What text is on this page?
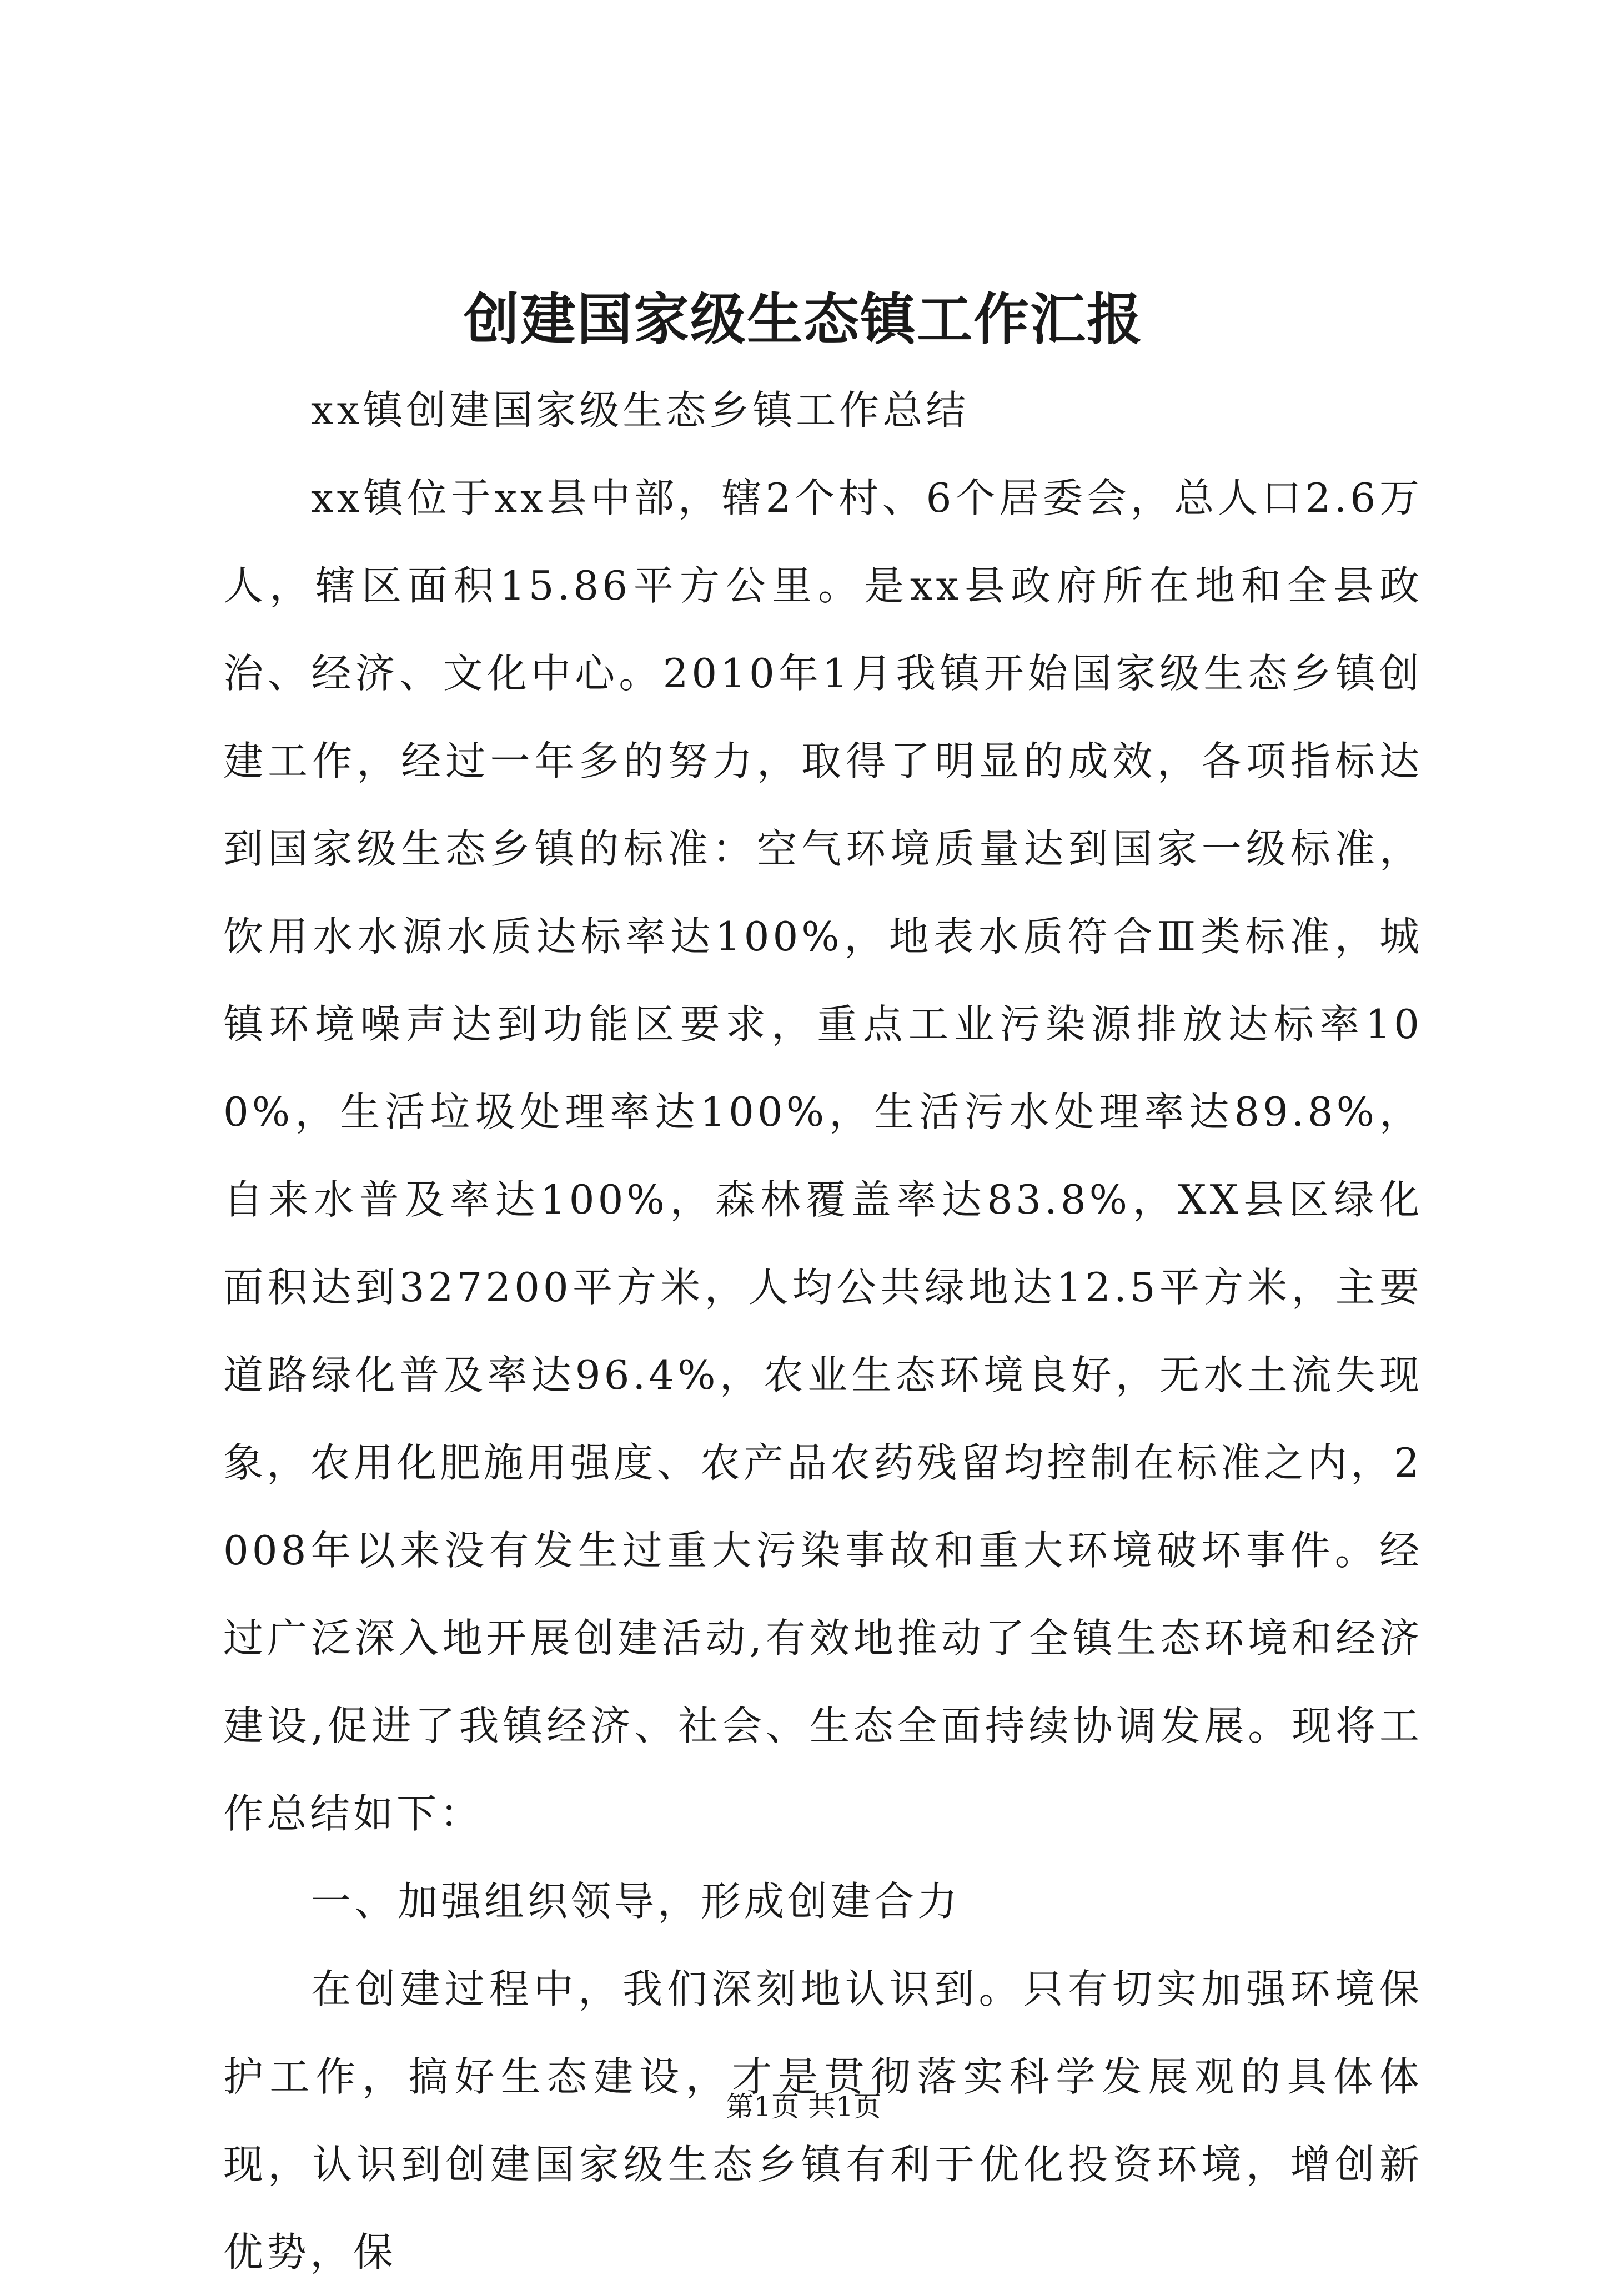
创建国家级生态镇工作汇报

xx镇创建国家级生态乡镇工作总结

xx镇位于xx县中部，辖2个村、6个居委会，总人口2.6万人，辖区面积15.86平方公里。是xx县政府所在地和全县政治、经济、文化中心。2010年1月我镇开始国家级生态乡镇创建工作，经过一年多的努力，取得了明显的成效，各项指标达到国家级生态乡镇的标准：空气环境质量达到国家一级标准，饮用水水源水质达标率达100%，地表水质符合Ⅲ类标准，城镇环境噪声达到功能区要求，重点工业污染源排放达标率100%，生活垃圾处理率达100%，生活污水处理率达89.8%，自来水普及率达100%，森林覆盖率达83.8%，XX县区绿化面积达到327200平方米，人均公共绿地达12.5平方米，主要道路绿化普及率达96.4%，农业生态环境良好，无水土流失现象，农用化肥施用强度、农产品农药残留均控制在标准之内，2008年以来没有发生过重大污染事故和重大环境破坏事件。经过广泛深入地开展创建活动,有效地推动了全镇生态环境和经济建设,促进了我镇经济、社会、生态全面持续协调发展。现将工作总结如下：

一、加强组织领导，形成创建合力

在创建过程中，我们深刻地认识到。只有切实加强环境保护工作，搞好生态建设，才是贯彻落实科学发展观的具体体现，认识到创建国家级生态乡镇有利于优化投资环境，增创新优势，保

第1页 共1页
